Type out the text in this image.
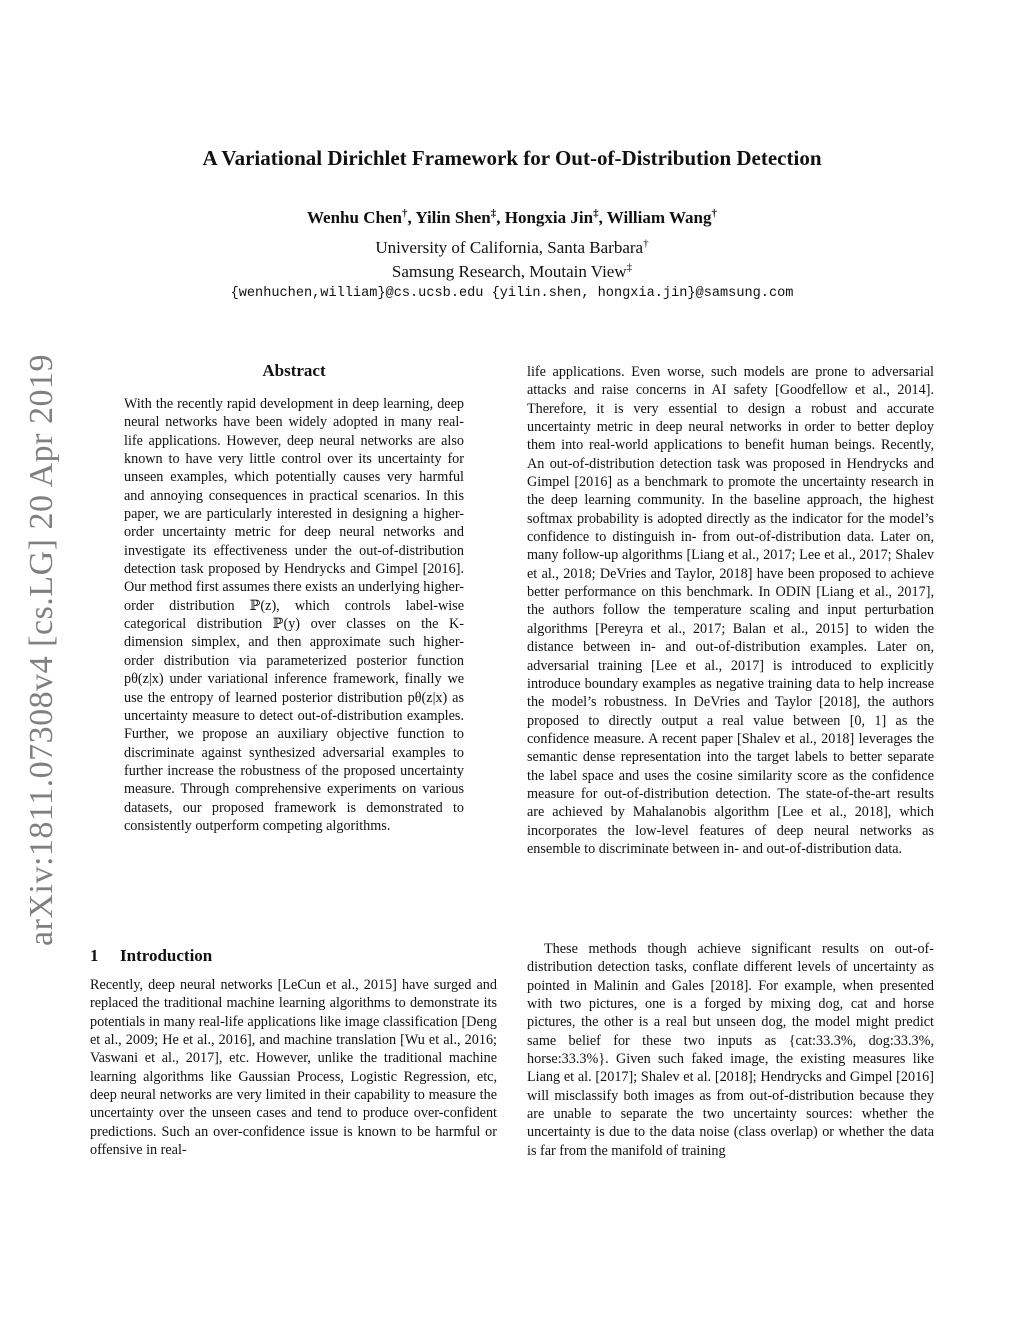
arXiv:1811.07308v4 [cs.LG] 20 Apr 2019
A Variational Dirichlet Framework for Out-of-Distribution Detection
Wenhu Chen†, Yilin Shen‡, Hongxia Jin‡, William Wang†
University of California, Santa Barbara†
Samsung Research, Moutain View‡
{wenhuchen,william}@cs.ucsb.edu {yilin.shen, hongxia.jin}@samsung.com
Abstract

With the recently rapid development in deep learning, deep neural networks have been widely adopted in many real-life applications. However, deep neural networks are also known to have very little control over its uncertainty for unseen examples, which potentially causes very harmful and annoying consequences in practical scenarios. In this paper, we are particularly interested in designing a higher-order uncertainty metric for deep neural networks and investigate its effectiveness under the out-of-distribution detection task proposed by Hendrycks and Gimpel [2016]. Our method first assumes there exists an underlying higher-order distribution ℙ(z), which controls label-wise categorical distribution ℙ(y) over classes on the K-dimension simplex, and then approximate such higher-order distribution via parameterized posterior function pθ(z|x) under variational inference framework, finally we use the entropy of learned posterior distribution pθ(z|x) as uncertainty measure to detect out-of-distribution examples. Further, we propose an auxiliary objective function to discriminate against synthesized adversarial examples to further increase the robustness of the proposed uncertainty measure. Through comprehensive experiments on various datasets, our proposed framework is demonstrated to consistently outperform competing algorithms.

1 Introduction

Recently, deep neural networks [LeCun et al., 2015] have surged and replaced the traditional machine learning algorithms to demonstrate its potentials in many real-life applications like image classification [Deng et al., 2009; He et al., 2016], and machine translation [Wu et al., 2016; Vaswani et al., 2017], etc. However, unlike the traditional machine learning algorithms like Gaussian Process, Logistic Regression, etc, deep neural networks are very limited in their capability to measure the uncertainty over the unseen cases and tend to produce over-confident predictions. Such an over-confidence issue is known to be harmful or offensive in real-

life applications. Even worse, such models are prone to adversarial attacks and raise concerns in AI safety [Goodfellow et al., 2014]. Therefore, it is very essential to design a robust and accurate uncertainty metric in deep neural networks in order to better deploy them into real-world applications to benefit human beings. Recently, An out-of-distribution detection task was proposed in Hendrycks and Gimpel [2016] as a benchmark to promote the uncertainty research in the deep learning community. In the baseline approach, the highest softmax probability is adopted directly as the indicator for the model’s confidence to distinguish in- from out-of-distribution data. Later on, many follow-up algorithms [Liang et al., 2017; Lee et al., 2017; Shalev et al., 2018; DeVries and Taylor, 2018] have been proposed to achieve better performance on this benchmark. In ODIN [Liang et al., 2017], the authors follow the temperature scaling and input perturbation algorithms [Pereyra et al., 2017; Balan et al., 2015] to widen the distance between in- and out-of-distribution examples. Later on, adversarial training [Lee et al., 2017] is introduced to explicitly introduce boundary examples as negative training data to help increase the model’s robustness. In DeVries and Taylor [2018], the authors proposed to directly output a real value between [0, 1] as the confidence measure. A recent paper [Shalev et al., 2018] leverages the semantic dense representation into the target labels to better separate the label space and uses the cosine similarity score as the confidence measure for out-of-distribution detection. The state-of-the-art results are achieved by Mahalanobis algorithm [Lee et al., 2018], which incorporates the low-level features of deep neural networks as ensemble to discriminate between in- and out-of-distribution data.

These methods though achieve significant results on out-of-distribution detection tasks, conflate different levels of uncertainty as pointed in Malinin and Gales [2018]. For example, when presented with two pictures, one is a forged by mixing dog, cat and horse pictures, the other is a real but unseen dog, the model might predict same belief for these two inputs as {cat:33.3%, dog:33.3%, horse:33.3%}. Given such faked image, the existing measures like Liang et al. [2017]; Shalev et al. [2018]; Hendrycks and Gimpel [2016] will misclassify both images as from out-of-distribution because they are unable to separate the two uncertainty sources: whether the uncertainty is due to the data noise (class overlap) or whether the data is far from the manifold of training
